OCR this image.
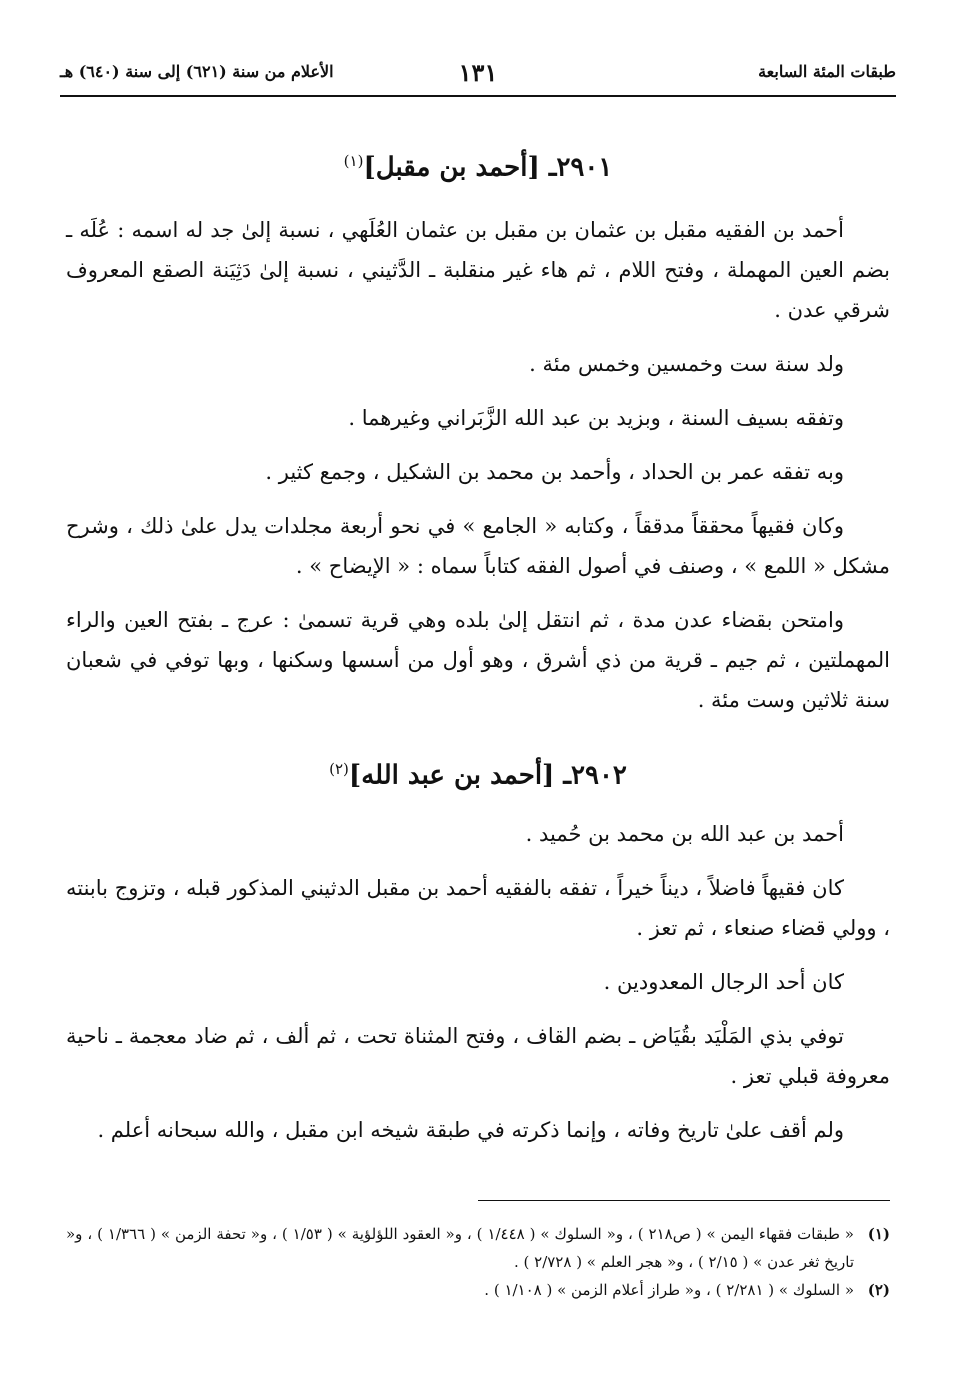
طبقات المئة السابعة
١٣١
الأعلام من سنة (٦٢١) إلى سنة (٦٤٠) هـ
٢٩٠١ـ [أحمد بن مقبل]$^{(١)}$

أحمد بن الفقيه مقبل بن عثمان بن مقبل بن عثمان العُلَهي ، نسبة إلىٰ جد له اسمه : عُلَه ـ بضم العين المهملة ، وفتح اللام ، ثم هاء غير منقلبة ـ الدَّثيني ، نسبة إلىٰ دَثِيَنة الصقع المعروف شرقي عدن .

ولد سنة ست وخمسين وخمس مئة .

وتفقه بسيف السنة ، وبزيد بن عبد الله الزَّبَراني وغيرهما .

وبه تفقه عمر بن الحداد ، وأحمد بن محمد بن الشكيل ، وجمع كثير .

وكان فقيهاً محققاً مدققاً ، وكتابه « الجامع » في نحو أربعة مجلدات يدل علىٰ ذلك ، وشرح مشكل « اللمع » ، وصنف في أصول الفقه كتاباً سماه : « الإيضاح » .

وامتحن بقضاء عدن مدة ، ثم انتقل إلىٰ بلده وهي قرية تسمىٰ : عرج ـ بفتح العين والراء المهملتين ، ثم جيم ـ قرية من ذي أشرق ، وهو أول من أسسها وسكنها ، وبها توفي في شعبان سنة ثلاثين وست مئة .

٢٩٠٢ـ [أحمد بن عبد الله]$^{(٢)}$

أحمد بن عبد الله بن محمد بن حُميد .

كان فقيهاً فاضلاً ، ديناً خيراً ، تفقه بالفقيه أحمد بن مقبل الدثيني المذكور قبله ، وتزوج بابنته ، وولي قضاء صنعاء ، ثم تعز .

كان أحد الرجال المعدودين .

توفي بذي المَلْيَد بقُيَاض ـ بضم القاف ، وفتح المثناة تحت ، ثم ألف ، ثم ضاد معجمة ـ ناحية معروفة قبلي تعز .

ولم أقف علىٰ تاريخ وفاته ، وإنما ذكرته في طبقة شيخه ابن مقبل ، والله سبحانه أعلم .

(١)
« طبقات فقهاء اليمن » ( ص٢١٨ ) ، و« السلوك » ( ١/٤٤٨ ) ، و« العقود اللؤلؤية » ( ١/٥٣ ) ، و« تحفة الزمن » ( ١/٣٦٦ ) ، و« تاريخ ثغر عدن » ( ٢/١٥ ) ، و« هجر العلم » ( ٢/٧٢٨ ) .
(٢)
« السلوك » ( ٢/٢٨١ ) ، و« طراز أعلام الزمن » ( ١/١٠٨ ) .
